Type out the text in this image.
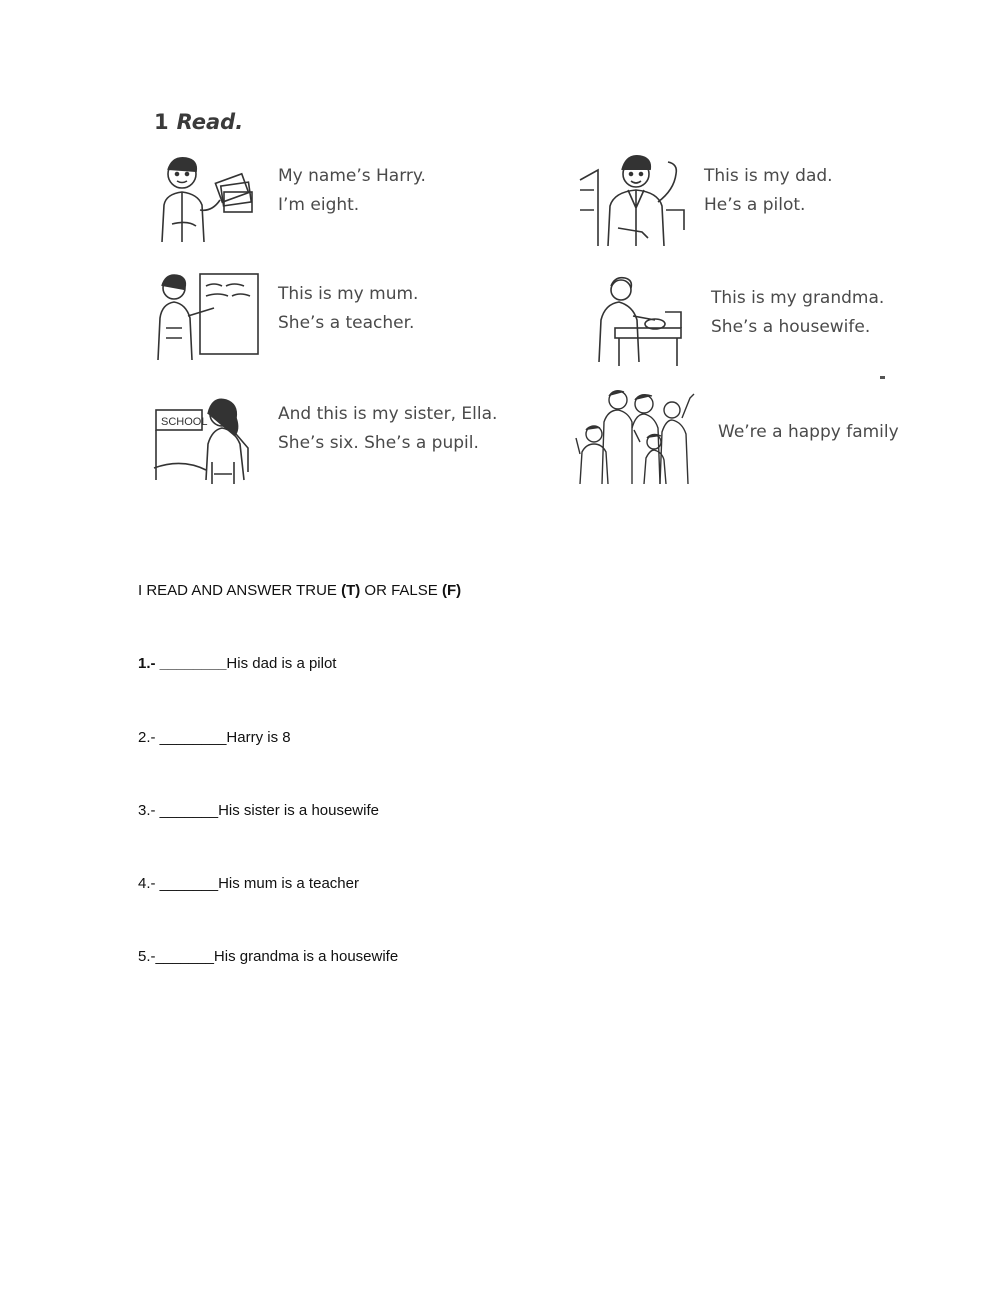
1 Read.
My name’s Harry.
I’m eight.
This is my mum.
She’s a teacher.
SCHOOL	And this is my sister, Ella.
She’s six. She’s a pupil.
This is my dad.
He’s a pilot.
This is my grandma.
She’s a housewife.
We’re a happy family
I READ AND ANSWER TRUE (T) OR FALSE (F)
1.- ________His dad is a pilot
2.- ________Harry is 8
3.- _______His sister is a housewife
4.- _______His mum is a teacher
5.-_______His grandma is a housewife
